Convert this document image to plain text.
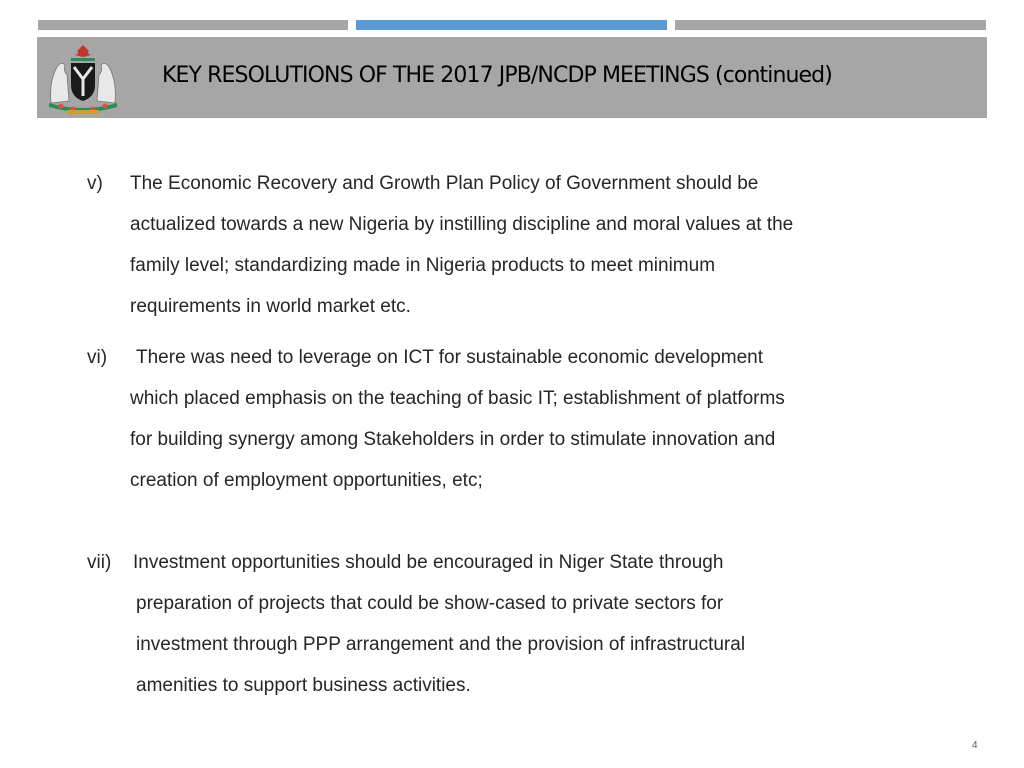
KEY RESOLUTIONS OF THE 2017 JPB/NCDP MEETINGS (continued)
v) The Economic Recovery and Growth Plan Policy of Government should be
actualized towards a new Nigeria by instilling discipline and moral values at the
family level; standardizing made in Nigeria products to meet minimum
requirements in world market etc.
vi) There was need to leverage on ICT for sustainable economic development
which placed emphasis on the teaching of basic IT; establishment of platforms
for building synergy among Stakeholders in order to stimulate innovation and
creation of employment opportunities, etc;
vii) Investment opportunities should be encouraged in Niger State through
preparation of projects that could be show-cased to private sectors for
investment through PPP arrangement and the provision of infrastructural
amenities to support business activities.
4
